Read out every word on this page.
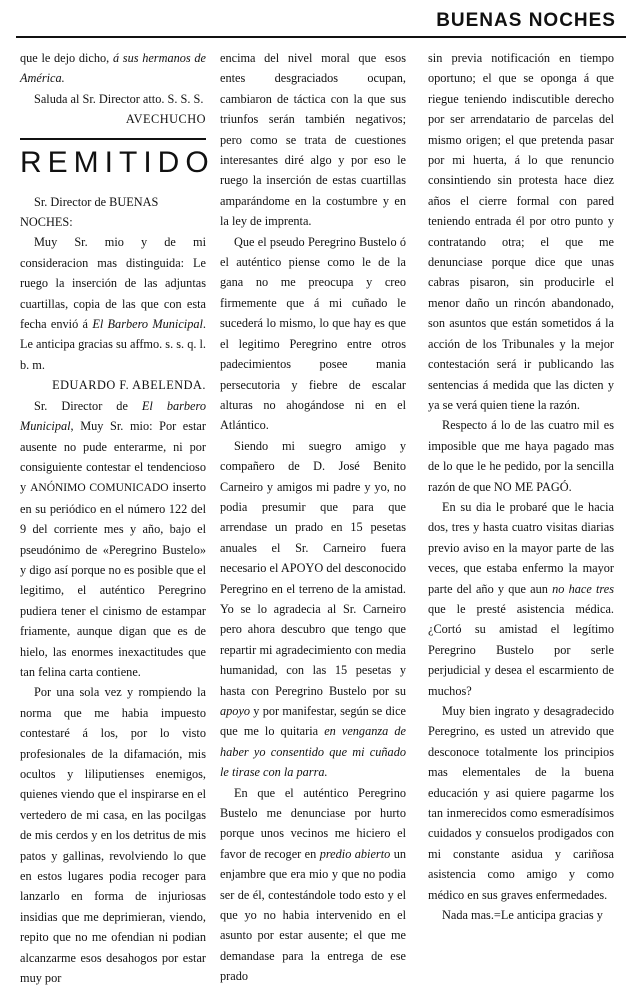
BUENAS NOCHES

que le dejo dicho, á sus hermanos de América.

Saluda al Sr. Director atto. S. S. S.

AVECHUCHO

REMITIDO

Sr. Director de BUENAS NOCHES:

Muy Sr. mio y de mi consideracion mas distinguida: Le ruego la inserción de las adjuntas cuartillas, copia de las que con esta fecha envió á El Barbero Municipal. Le anticipa gracias su affmo. s. s. q. l. b. m.

EDUARDO F. ABELENDA.

Sr. Director de El barbero Municipal, Muy Sr. mio: Por estar ausente no pude enterarme, ni por consiguiente contestar el tendencioso y ANÓNIMO COMUNICADO inserto en su periódico en el número 122 del 9 del corriente mes y año, bajo el pseudónimo de «Peregrino Bustelo» y digo así porque no es posible que el legitimo, el auténtico Peregrino pudiera tener el cinismo de estampar friamente, aunque digan que es de hielo, las enormes inexactitudes que tan felina carta contiene.

Por una sola vez y rompiendo la norma que me habia impuesto contestaré á los, por lo visto profesionales de la difamación, mis ocultos y liliputienses enemigos, quienes viendo que el inspirarse en el vertedero de mi casa, en las pocilgas de mis cerdos y en los detritus de mis patos y gallinas, revolviendo lo que en estos lugares podia recoger para lanzarlo en forma de injuriosas insidias que me deprimieran, viendo, repito que no me ofendian ni podian alcanzarme esos desahogos por estar muy por

encima del nivel moral que esos entes desgraciados ocupan, cambiaron de táctica con la que sus triunfos serán también negativos; pero como se trata de cuestiones interesantes diré algo y por eso le ruego la inserción de estas cuartillas amparándome en la costumbre y en la ley de imprenta.

Que el pseudo Peregrino Bustelo ó el auténtico piense como le de la gana no me preocupa y creo firmemente que á mi cuñado le sucederá lo mismo, lo que hay es que el legitimo Peregrino entre otros padecimientos posee mania persecutoria y fiebre de escalar alturas no ahogándose ni en el Atlántico.

Siendo mi suegro amigo y compañero de D. José Benito Carneiro y amigos mi padre y yo, no podia presumir que para que arrendase un prado en 15 pesetas anuales el Sr. Carneiro fuera necesario el APOYO del desconocido Peregrino en el terreno de la amistad. Yo se lo agradecia al Sr. Carneiro pero ahora descubro que tengo que repartir mi agradecimiento con media humanidad, con las 15 pesetas y hasta con Peregrino Bustelo por su apoyo y por manifestar, según se dice que me lo quitaria en venganza de haber yo consentido que mi cuñado le tirase con la parra.

En que el auténtico Peregrino Bustelo me denunciase por hurto porque unos vecinos me hiciero el favor de recoger en predio abierto un enjambre que era mio y que no podia ser de él, contestándole todo esto y el que yo no habia intervenido en el asunto por estar ausente; el que me demandase para la entrega de ese prado

sin previa notificación en tiempo oportuno; el que se oponga á que riegue teniendo indiscutible derecho por ser arrendatario de parcelas del mismo origen; el que pretenda pasar por mi huerta, á lo que renuncio consintiendo sin protesta hace diez años el cierre formal con pared teniendo entrada él por otro punto y contratando otra; el que me denunciase porque dice que unas cabras pisaron, sin producirle el menor daño un rincón abandonado, son asuntos que están sometidos á la acción de los Tribunales y la mejor contestación será ir publicando las sentencias á medida que las dicten y ya se verá quien tiene la razón.

Respecto á lo de las cuatro mil es imposible que me haya pagado mas de lo que le he pedido, por la sencilla razón de que NO ME PAGÓ.

En su dia le probaré que le hacia dos, tres y hasta cuatro visitas diarias previo aviso en la mayor parte de las veces, que estaba enfermo la mayor parte del año y que aun no hace tres que le presté asistencia médica. ¿Cortó su amistad el legítimo Peregrino Bustelo por serle perjudicial y desea el escarmiento de muchos?

Muy bien ingrato y desagradecido Peregrino, es usted un atrevido que desconoce totalmente los principios mas elementales de la buena educación y asi quiere pagarme los tan inmerecidos como esmeradísimos cuidados y consuelos prodigados con mi constante asidua y cariñosa asistencia como amigo y como médico en sus graves enfermedades.

Nada mas.=Le anticipa gracias y
